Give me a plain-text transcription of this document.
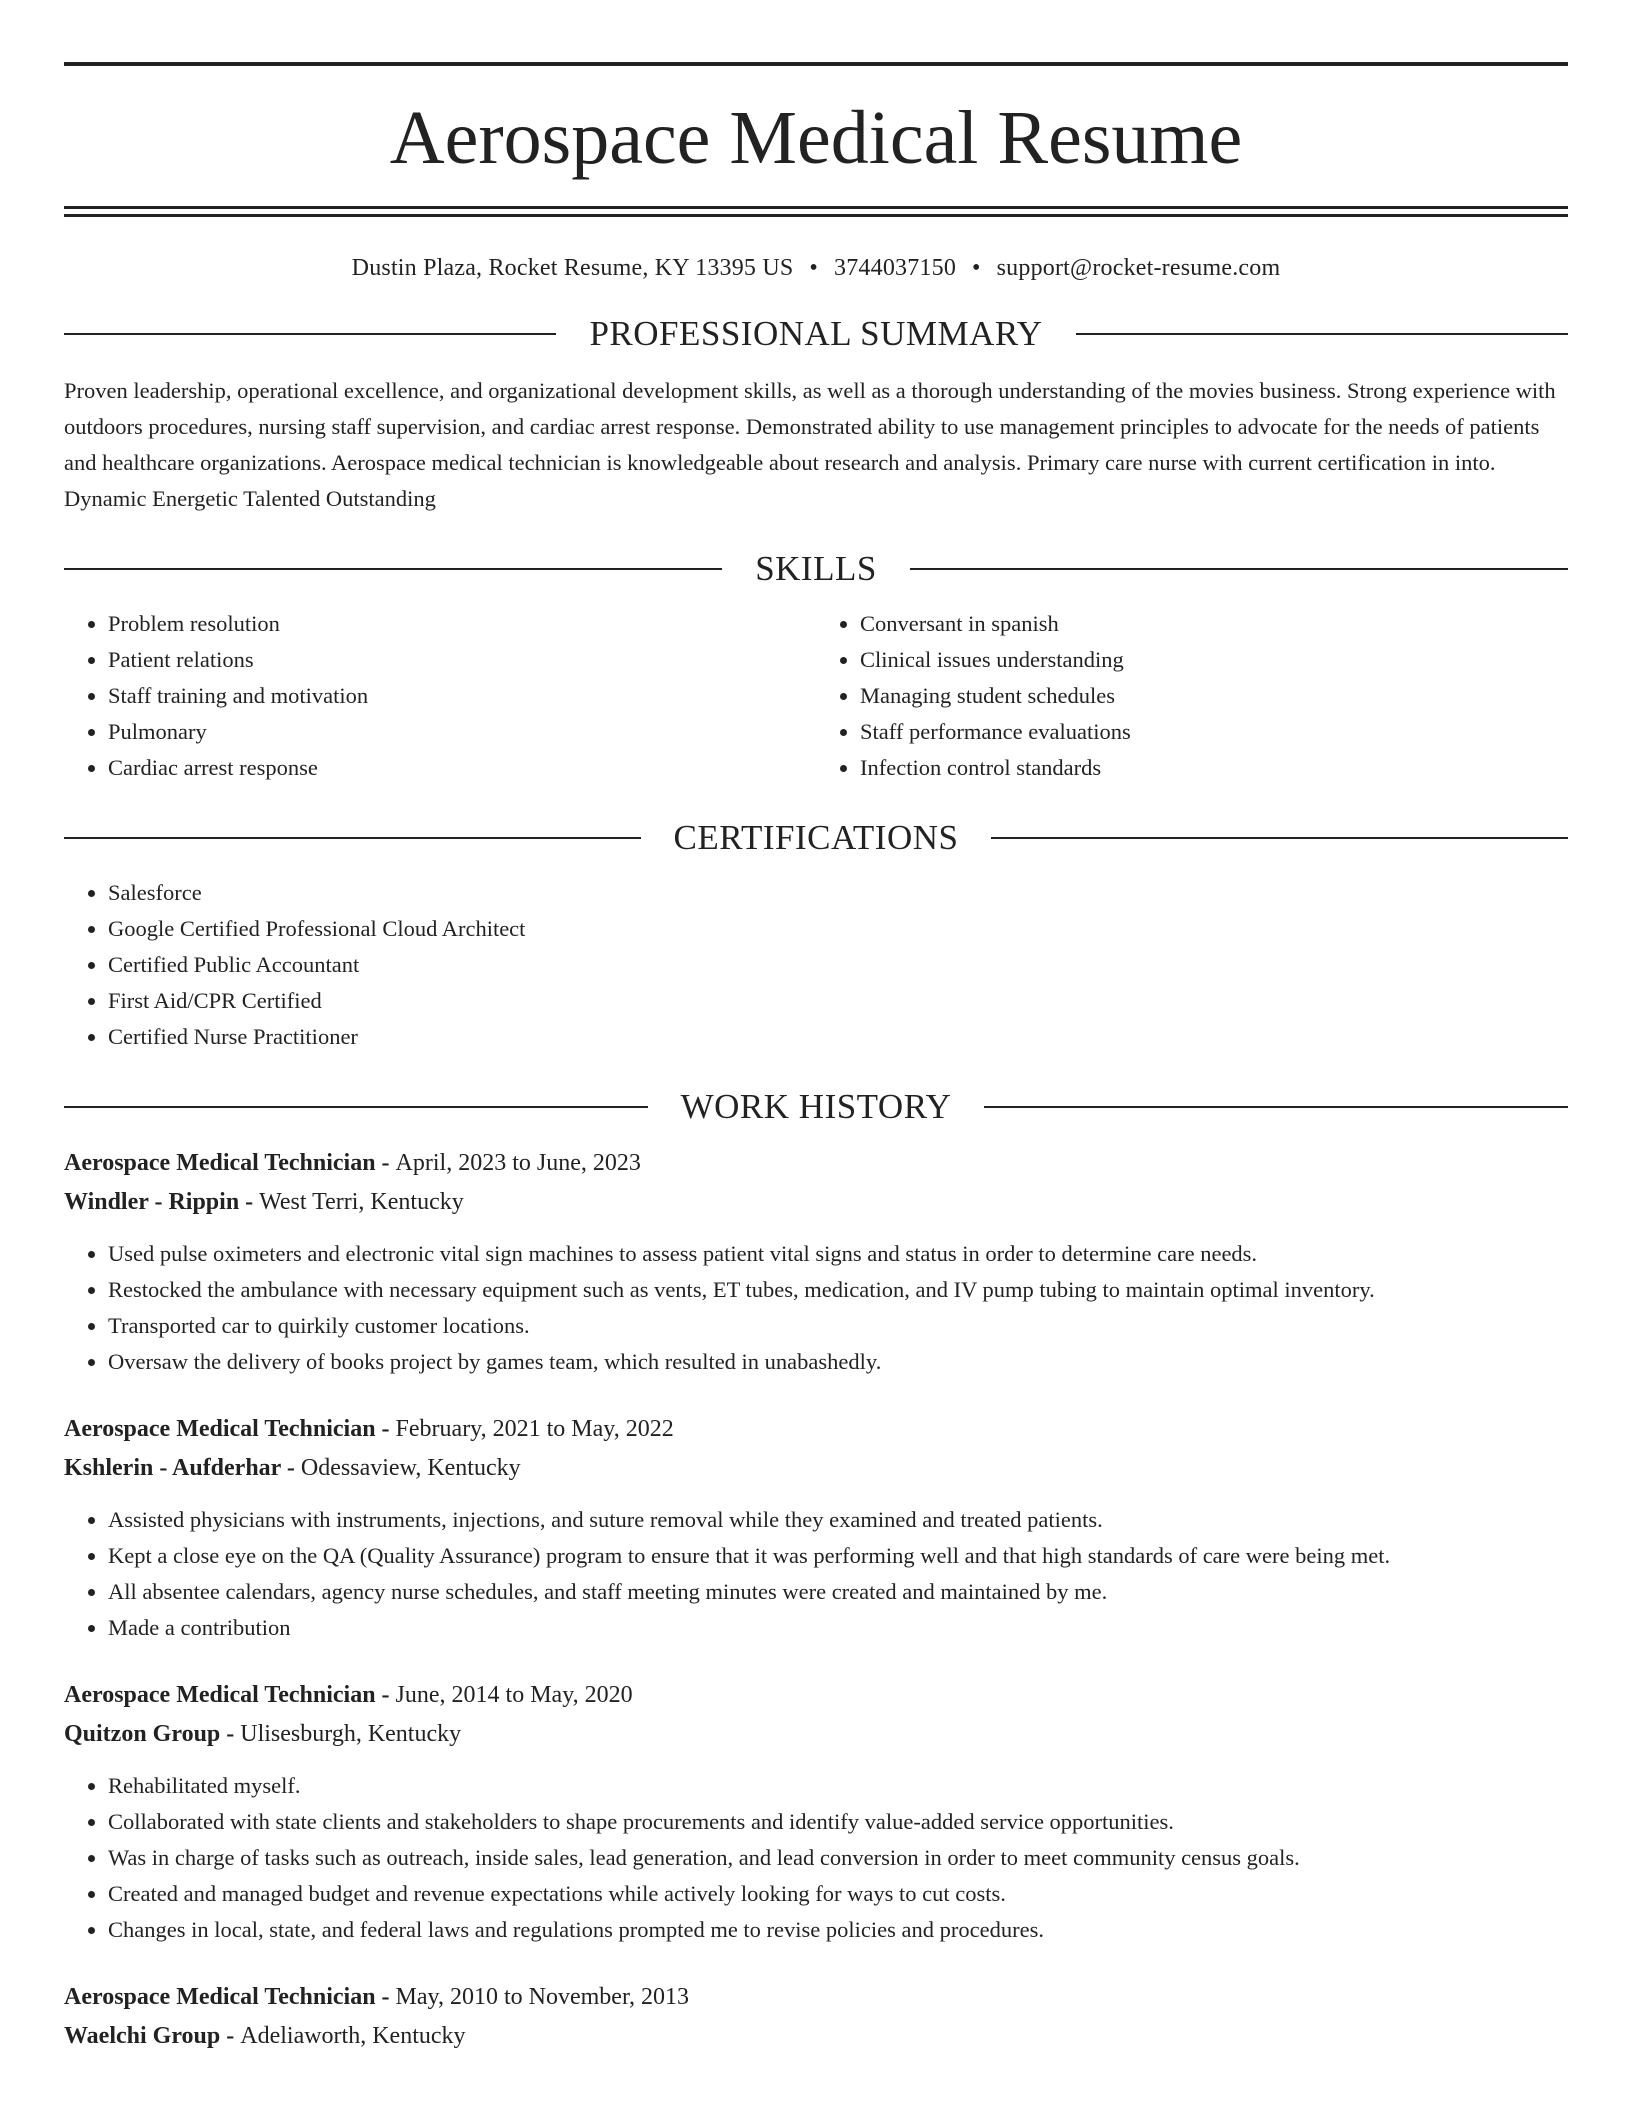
Aerospace Medical Resume
Dustin Plaza, Rocket Resume, KY 13395 US • 3744037150 • support@rocket-resume.com
PROFESSIONAL SUMMARY
Proven leadership, operational excellence, and organizational development skills, as well as a thorough understanding of the movies business. Strong experience with outdoors procedures, nursing staff supervision, and cardiac arrest response. Demonstrated ability to use management principles to advocate for the needs of patients and healthcare organizations. Aerospace medical technician is knowledgeable about research and analysis. Primary care nurse with current certification in into. Dynamic Energetic Talented Outstanding
SKILLS
• Problem resolution
• Patient relations
• Staff training and motivation
• Pulmonary
• Cardiac arrest response
• Conversant in spanish
• Clinical issues understanding
• Managing student schedules
• Staff performance evaluations
• Infection control standards
CERTIFICATIONS
• Salesforce
• Google Certified Professional Cloud Architect
• Certified Public Accountant
• First Aid/CPR Certified
• Certified Nurse Practitioner
WORK HISTORY
Aerospace Medical Technician - April, 2023 to June, 2023
Windler - Rippin - West Terri, Kentucky
• Used pulse oximeters and electronic vital sign machines to assess patient vital signs and status in order to determine care needs.
• Restocked the ambulance with necessary equipment such as vents, ET tubes, medication, and IV pump tubing to maintain optimal inventory.
• Transported car to quirkily customer locations.
• Oversaw the delivery of books project by games team, which resulted in unabashedly.
Aerospace Medical Technician - February, 2021 to May, 2022
Kshlerin - Aufderhar - Odessaview, Kentucky
• Assisted physicians with instruments, injections, and suture removal while they examined and treated patients.
• Kept a close eye on the QA (Quality Assurance) program to ensure that it was performing well and that high standards of care were being met.
• All absentee calendars, agency nurse schedules, and staff meeting minutes were created and maintained by me.
• Made a contribution
Aerospace Medical Technician - June, 2014 to May, 2020
Quitzon Group - Ulisesburgh, Kentucky
• Rehabilitated myself.
• Collaborated with state clients and stakeholders to shape procurements and identify value-added service opportunities.
• Was in charge of tasks such as outreach, inside sales, lead generation, and lead conversion in order to meet community census goals.
• Created and managed budget and revenue expectations while actively looking for ways to cut costs.
• Changes in local, state, and federal laws and regulations prompted me to revise policies and procedures.
Aerospace Medical Technician - May, 2010 to November, 2013
Waelchi Group - Adeliaworth, Kentucky
